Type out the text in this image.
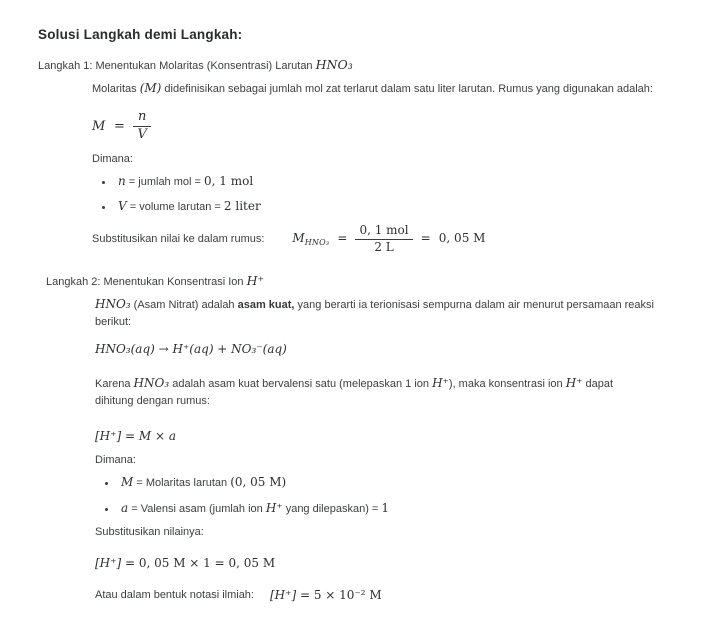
Solusi Langkah demi Langkah:
Langkah 1: Menentukan Molaritas (Konsentrasi) Larutan HNO₃

Molaritas (M) didefinisikan sebagai jumlah mol zat terlarut dalam satu liter larutan. Rumus yang digunakan adalah:

$M = \frac{n}{V}$
Dimana:
• n = jumlah mol = 0, 1 mol
• V = volume larutan = 2 liter
Substitusikan nilai ke dalam rumus: $M_{HNO_3} = \frac{\text{0, 1 mol}}{2 L} = 0$, 05 M
Langkah 2: Menentukan Konsentrasi Ion H⁺

HNO₃ (Asam Nitrat) adalah asam kuat, yang berarti ia terionisasi sempurna dalam air menurut persamaan reaksi berikut:

HNO₃(aq) → H⁺(aq) + NO₃⁻(aq)

Karena HNO₃ adalah asam kuat bervalensi satu (melepaskan 1 ion H⁺), maka konsentrasi ion H⁺ dapat dihitung dengan rumus:

[H⁺] = M × a
Dimana:
• M = Molaritas larutan (0, 05 M)
• a = Valensi asam (jumlah ion H⁺ yang dilepaskan) = 1
Substitusikan nilainya:
[H⁺] = 0, 05 M × 1 = 0, 05 M
Atau dalam bentuk notasi ilmiah: [H⁺] = 5 × 10⁻² M
